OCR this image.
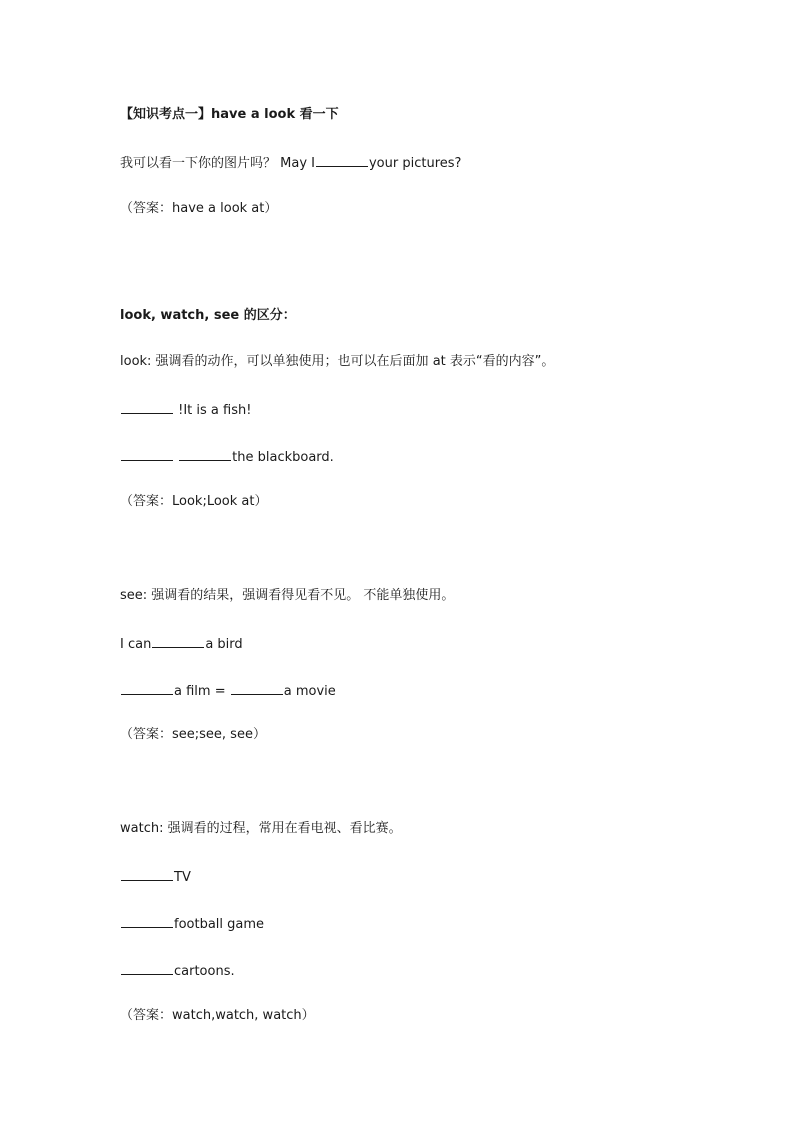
【知识考点一】have a look 看一下
我可以看一下你的图片吗？ May I	your pictures?
（答案：have a look at）
look, watch, see 的区分：
look: 强调看的动作，可以单独使用；也可以在后面加 at 表示“看的内容”。
!It is a fish!
the blackboard.
（答案：Look;Look at）
see: 强调看的结果，强调看得见看不见。 不能单独使用。
I can	a bird
a film =	a movie
（答案：see;see, see）
watch: 强调看的过程，常用在看电视、看比赛。
TV
football game
cartoons.
（答案：watch,watch, watch）
